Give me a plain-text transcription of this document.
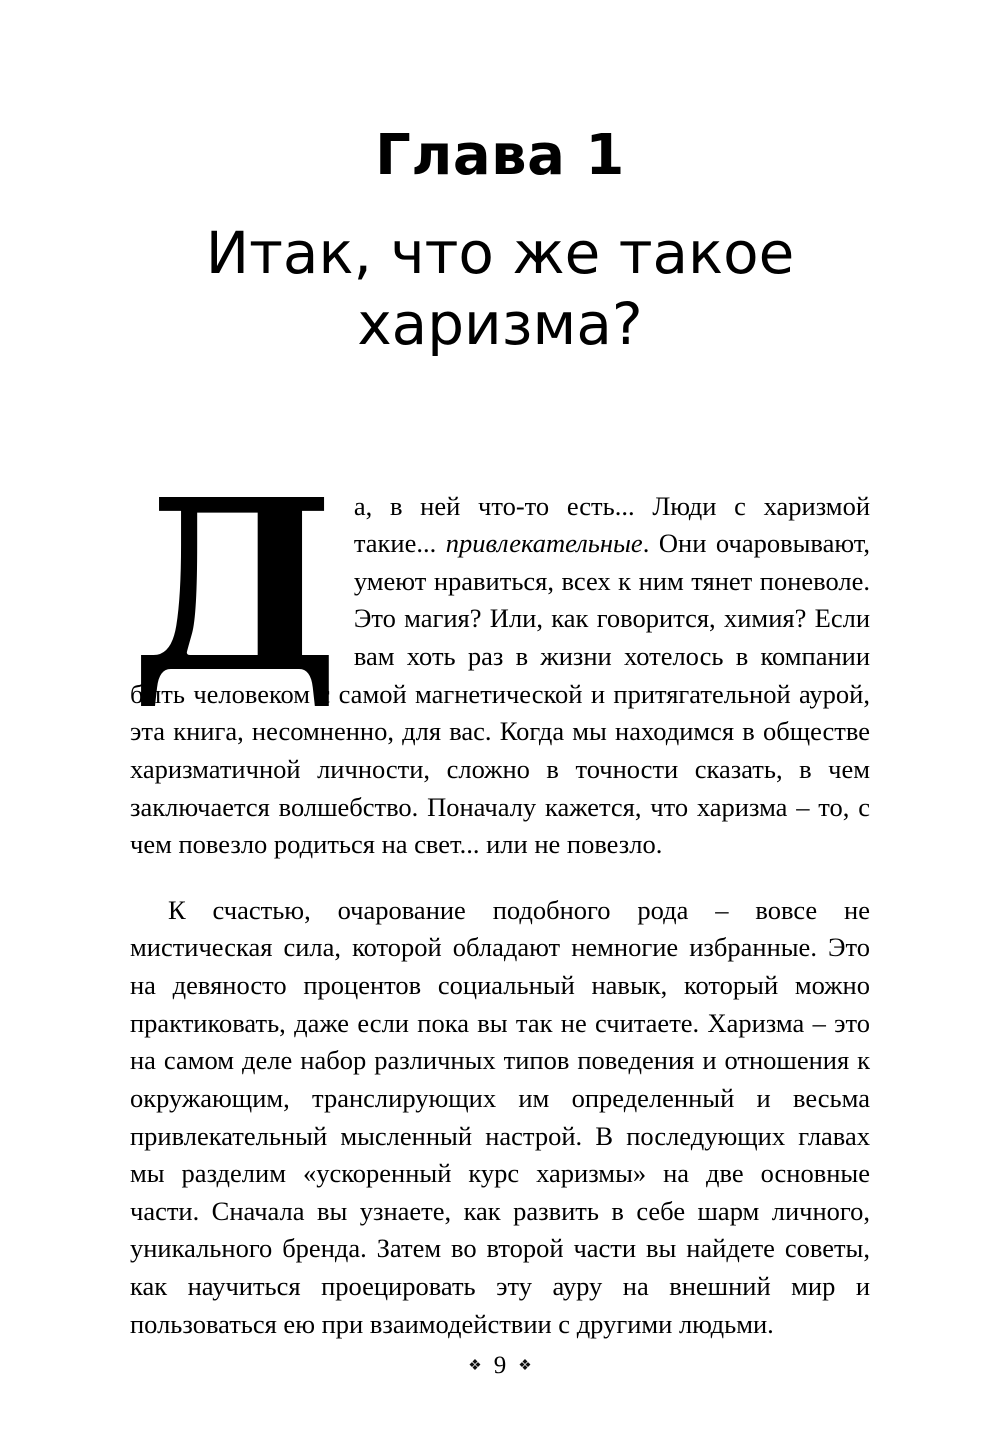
Глава 1
Итак, что же такое харизма?

Да, в ней что-то есть... Люди с харизмой такие... привлекательные. Они очаровывают, умеют нравиться, всех к ним тянет поневоле. Это магия? Или, как говорится, химия? Если вам хоть раз в жизни хотелось в компании быть человеком с самой магнетической и притягательной аурой, эта книга, несомненно, для вас. Когда мы находимся в обществе харизматичной личности, сложно в точности сказать, в чем заключается волшебство. Поначалу кажется, что харизма – то, с чем повезло родиться на свет... или не повезло.

К счастью, очарование подобного рода – вовсе не мистическая сила, которой обладают немногие избранные. Это на девяносто процентов социальный навык, который можно практиковать, даже если пока вы так не считаете. Харизма – это на самом деле набор различных типов поведения и отношения к окружающим, транслирующих им определенный и весьма привлекательный мысленный настрой. В последующих главах мы разделим «ускоренный курс харизмы» на две основные части. Сначала вы узнаете, как развить в себе шарм личного, уникального бренда. Затем во второй части вы найдете советы, как научиться проецировать эту ауру на внешний мир и пользоваться ею при взаимодействии с другими людьми.

❖ 9 ❖
